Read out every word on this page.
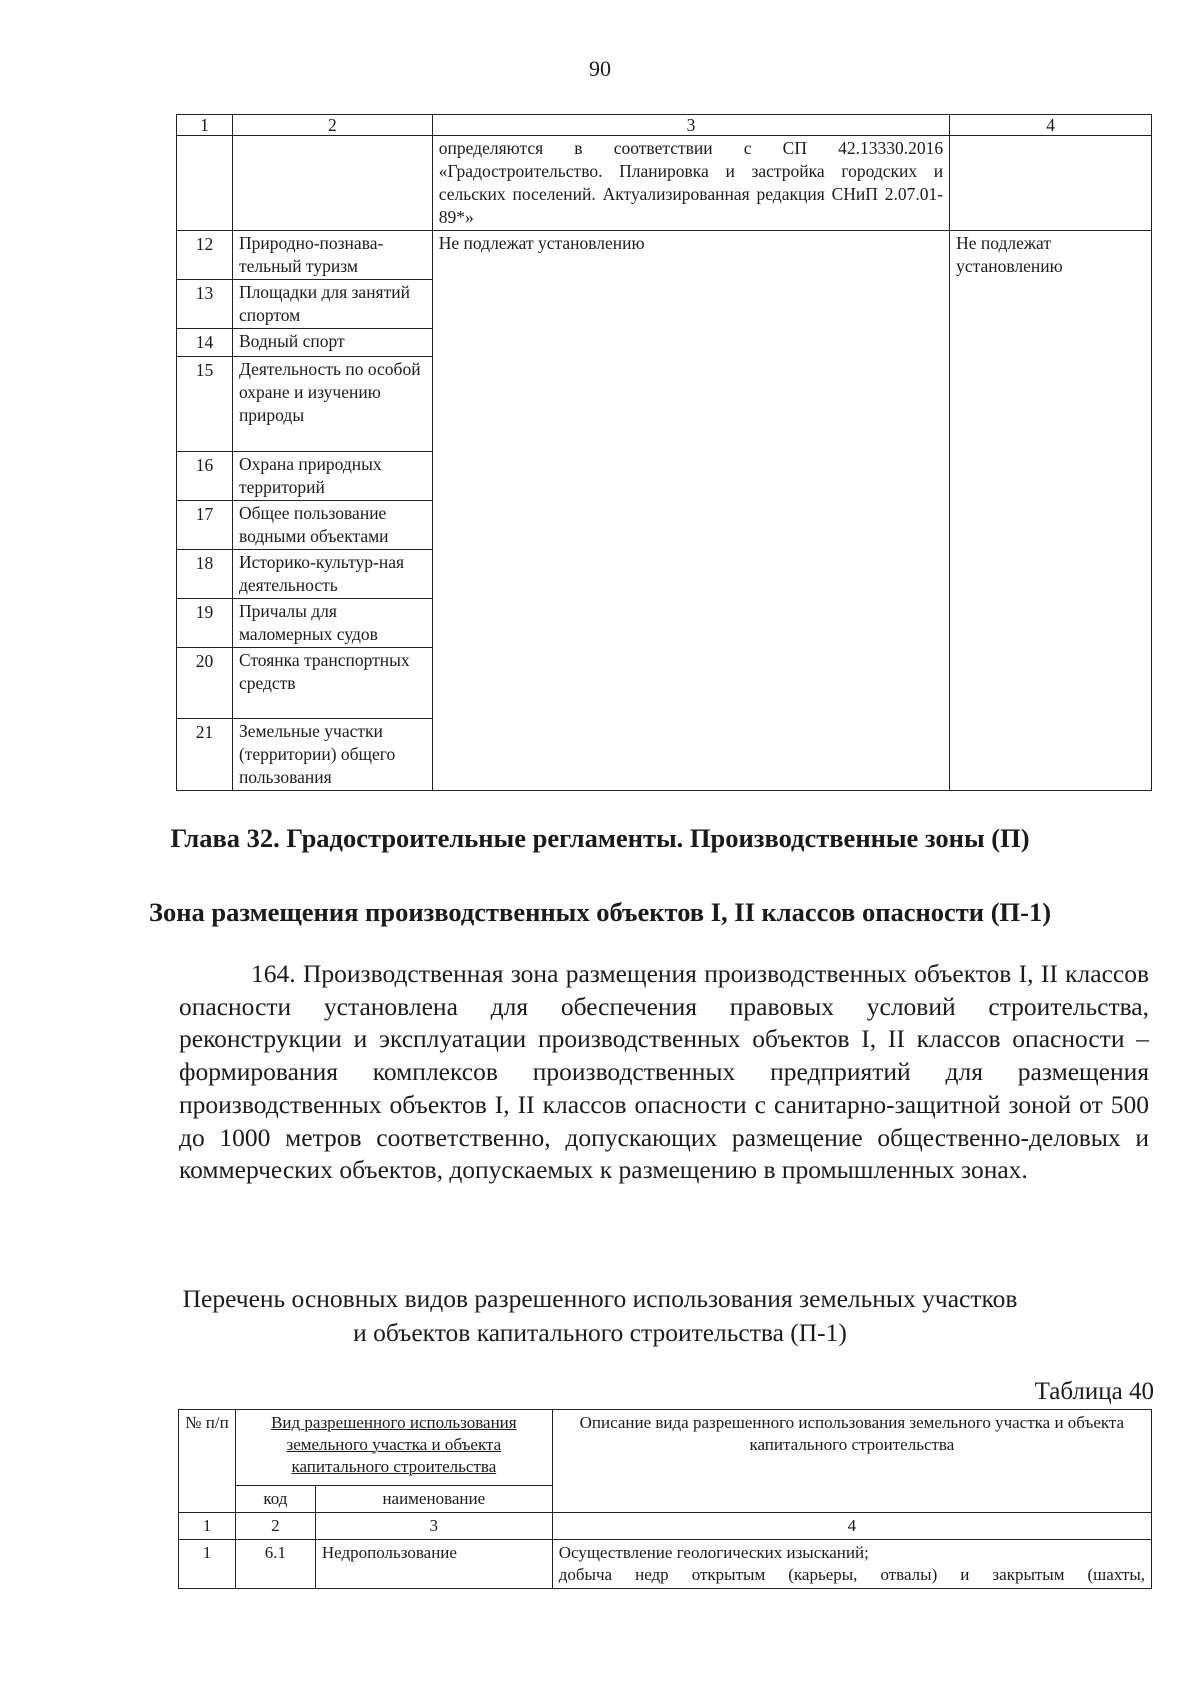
90
1	2	3	4
		определяются в соответствии с СП 42.13330.2016 «Градостроительство. Планировка и застройка городских и сельских поселений. Актуализированная редакция СНиП 2.07.01-89*»	
12	Природно-познава-тельный туризм	Не подлежат установлению	Не подлежат установлению
13	Площадки для занятий спортом		
14	Водный спорт		
15	Деятельность по особой охране и изучению природы		
16	Охрана природных территорий		
17	Общее пользование водными объектами		
18	Историко-культур-ная деятельность		
19	Причалы для маломерных судов		
20	Стоянка транспортных средств		
21	Земельные участки (территории) общего пользования		
Глава 32. Градостроительные регламенты. Производственные зоны (П)
Зона размещения производственных объектов I, II классов опасности (П-1)

164. Производственная зона размещения производственных объектов I, II классов опасности установлена для обеспечения правовых условий строительства, реконструкции и эксплуатации производственных объектов I, II классов опасности – формирования комплексов производственных предприятий для размещения производственных объектов I, II классов опасности с санитарно-защитной зоной от 500 до 1000 метров соответственно, допускающих размещение общественно-деловых и коммерческих объектов, допускаемых к размещению в промышленных зонах.

Перечень основных видов разрешенного использования земельных участков
и объектов капитального строительства (П-1)
Таблица 40
№ п/п	Вид разрешенного использования земельного участка и объекта капитального строительства		Описание вида разрешенного использования земельного участка и объекта капитального строительства
	код	наименование	
1	2	3	4
1	6.1	Недропользование	Осуществление геологических изысканий;
добыча недр открытым (карьеры, отвалы) и закрытым (шахты,
